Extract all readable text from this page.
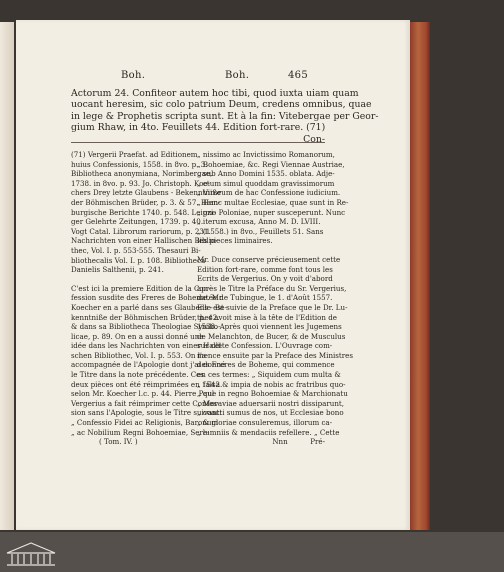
Boh.	Boh.	465
Actorum 24. Confiteor autem hoc tibi, quod iuxta uiam quam
uocant heresim, sic colo patrium Deum, credens omnibus, quae
in lege & Prophetis scripta sunt. Et à la fin: Vitebergae per Geor-
gium Rhaw, in 4to. Feuillets 44. Edition fort-rare. (71)
Con-
(71) Vergerii Praefat. ad Editionem
huius Confessionis, 1558. in 8vo. p. 3.
Bibliotheca anonymiana, Norimbergae,
1738. in 8vo. p. 93. Jo. Christoph. Koe-
chers Drey letzte Glaubens - Bekenntniße
der Böhmischen Brüder, p. 3. & 57. Ham-
burgische Berichte 1740. p. 548. Leipzi-
ger Gelehrte Zeitungen, 1739. p. 40.
Vogt Catal. Librorum rariorum, p. 231.
Nachrichten von einer Hallischen Biblio-
thec, Vol. I. p. 553-555. Thesauri Bi-
bliothecalis Vol. I. p. 108. Bibliotheca
Danielis Salthenii, p. 241.
C'est ici la premiere Edition de la Con-
fession susdite des Freres de Boheme. Mr.
Koecher en a parlé dans ses Glaubens - Be-
kenntniße der Böhmischen Brüder, p. 42.
& dans sa Bibliotheca Theologiae Symbo-
licae, p. 89. On en a aussi donné une
idée dans les Nachrichten von einer Halli-
schen Bibliothec, Vol. I. p. 553. On l'a
accompagnée de l'Apologie dont j'ai donné
le Titre dans la note précédente. Ces
deux pièces ont été réimprimées en 1542.
selon Mr. Koecher l.c. p. 44. Pierre Paul
Vergerius a fait réimprimer cette Confes-
sion sans l'Apologie, sous le Titre suivant:
„ Confessio Fidei ac Religionis, Baronum
„ ac Nobilium Regni Bohoemiae, Sere-
( Tom. IV. )
„ nissimo ac Invictissimo Romanorum,
„ Bohoemiae, &c. Regi Viennae Austriae,
„ sub Anno Domini 1535. oblata. Adje-
„ ctum simul quoddam gravissimorum
„ Virorum de hac Confessione iudicium.
„ Hanc multae Ecclesiae, quae sunt in Re-
„ gno Poloniae, nuper susceperunt. Nunc
„ iterum excusa, Anno M. D. LVIII.
„ (1558.) in 8vo., Feuillets 51. Sans
les pieces liminaires.
Mr. Duce conserve précieusement cette
Edition fort-rare, comme font tous les
Ecrits de Vergerius. On y voit d'abord
après le Titre la Préface du Sr. Vergerius,
datée de Tubingue, le 1. d'Août 1557.
Elle est suivie de la Preface que le Dr. Lu-
ther avoit mise à la tête de l'Edition de
1538. Après quoi viennent les Jugemens
de Melanchton, de Bucer, & de Musculus
sur cette Confession. L'Ouvrage com-
mence ensuite par la Preface des Ministres
des Freres de Boheme, qui commence
en ces termes: „ Siquidem cum multa &
„ falsa & impia de nobis ac fratribus quo-
„ que in regno Bohoemiae & Marchionatu
„ Moraviae aduersarii nostri dissiparunt,
„ coacti sumus de nos, ut Ecclesiae bono
„ & gloriae consuleremus, illorum ca-
„ lumniis & mendaciis refellere. „ Cette
Nnn          Pré-
